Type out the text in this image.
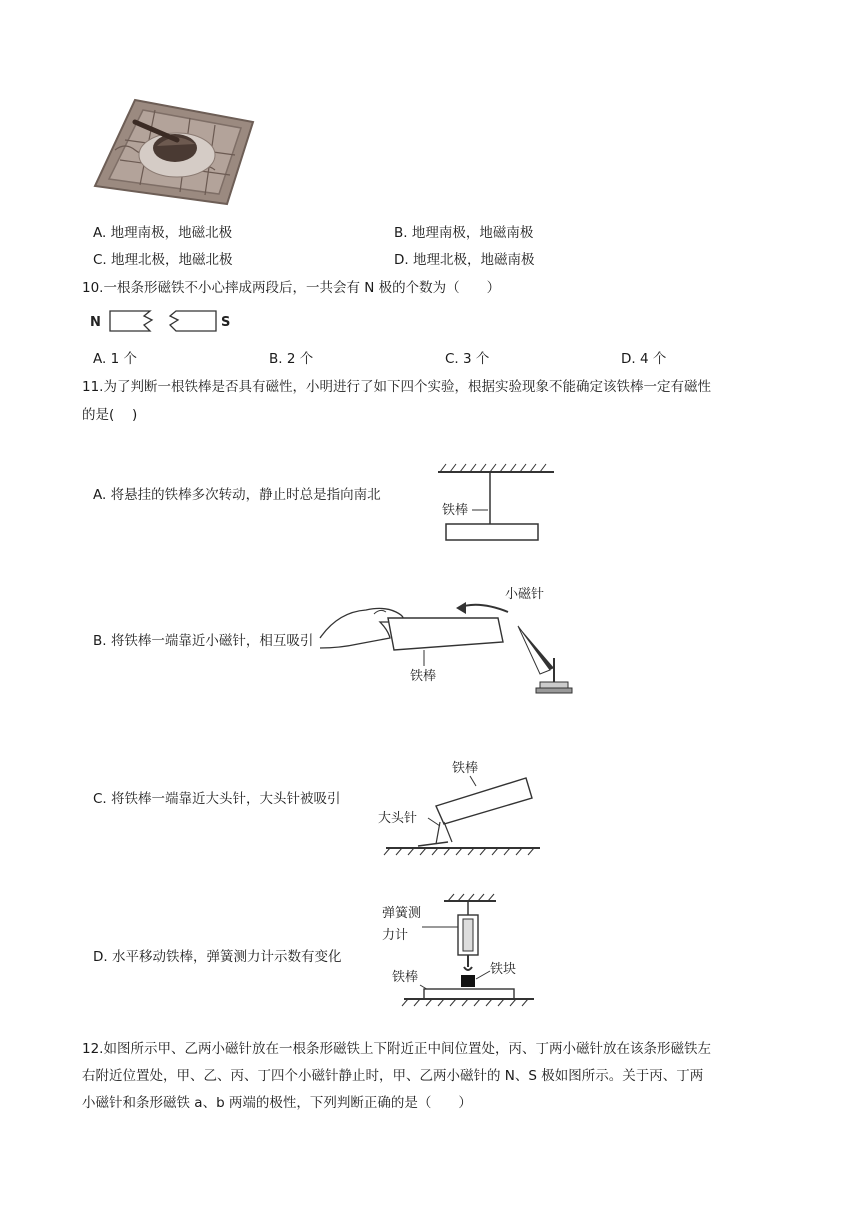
A. 地理南极，地磁北极	B. 地理南极，地磁南极
C. 地理北极，地磁北极	D. 地理北极，地磁南极
10.一根条形磁铁不小心摔成两段后，一共会有 N 极的个数为（　　）
N	S
A. 1 个	B. 2 个	C. 3 个	D. 4 个
11.为了判断一根铁棒是否具有磁性，小明进行了如下四个实验，根据实验现象不能确定该铁棒一定有磁性
的是(　 )
A. 将悬挂的铁棒多次转动，静止时总是指向南北
铁棒
B. 将铁棒一端靠近小磁针，相互吸引
铁棒
小磁针
C. 将铁棒一端靠近大头针，大头针被吸引
铁棒
大头针
D. 水平移动铁棒，弹簧测力计示数有变化
弹簧测
力计
铁块
铁棒
12.如图所示甲、乙两小磁针放在一根条形磁铁上下附近正中间位置处，丙、丁两小磁针放在该条形磁铁左
右附近位置处，甲、乙、丙、丁四个小磁针静止时，甲、乙两小磁针的 N、S 极如图所示。关于丙、丁两
小磁针和条形磁铁 a、b 两端的极性，下列判断正确的是（　　）
